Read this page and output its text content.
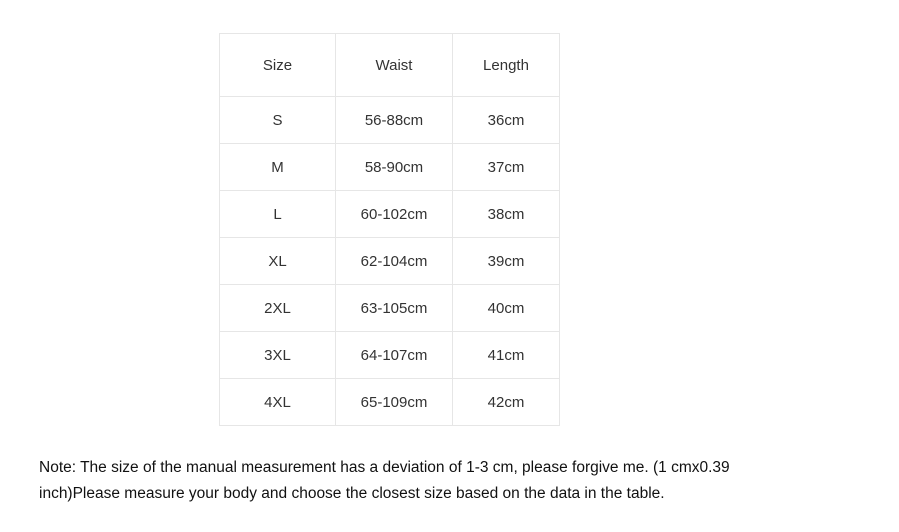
Size	Waist	Length
S	56-88cm	36cm
M	58-90cm	37cm
L	60-102cm	38cm
XL	62-104cm	39cm
2XL	63-105cm	40cm
3XL	64-107cm	41cm
4XL	65-109cm	42cm
Note: The size of the manual measurement has a deviation of 1-3 cm, please forgive me. (1 cmx0.39
inch)Please measure your body and choose the closest size based on the data in the table.
